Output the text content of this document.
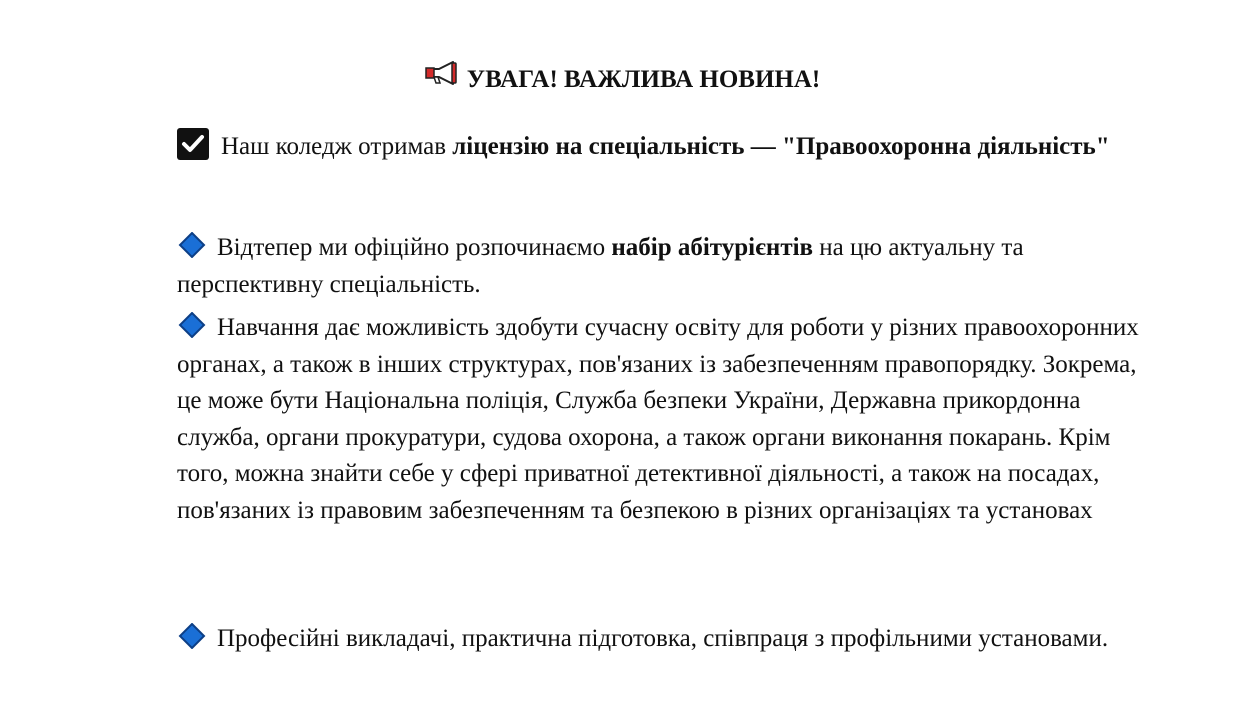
УВАГА! ВАЖЛИВА НОВИНА!
Наш коледж отримав ліцензію на спеціальність — "Правоохоронна діяльність"
Відтепер ми офіційно розпочинаємо набір абітурієнтів на цю актуальну та перспективну спеціальність.
Навчання дає можливість здобути сучасну освіту для роботи у різних правоохоронних органах, а також в інших структурах, пов'язаних із забезпеченням правопорядку. Зокрема, це може бути Національна поліція, Служба безпеки України, Державна прикордонна служба, органи прокуратури, судова охорона, а також органи виконання покарань. Крім того, можна знайти себе у сфері приватної детективної діяльності, а також на посадах, пов'язаних із правовим забезпеченням та безпекою в різних організаціях та установах
Професійні викладачі, практична підготовка, співпраця з профільними установами.
